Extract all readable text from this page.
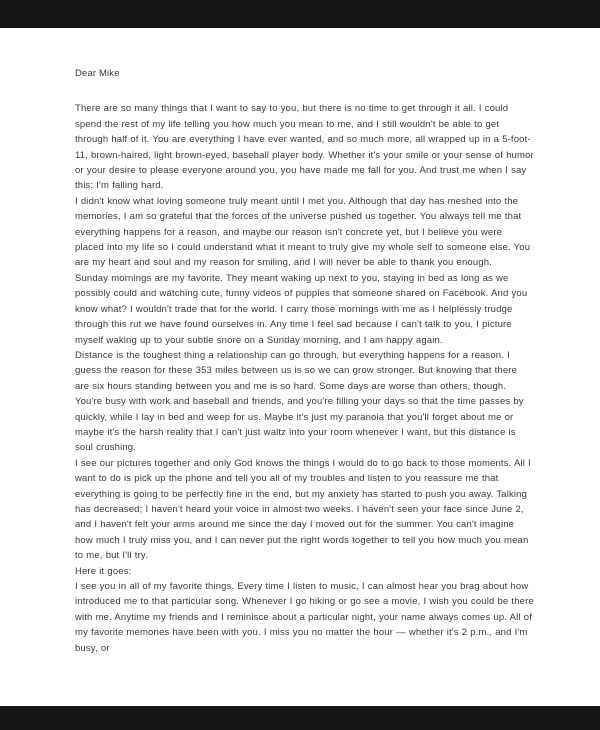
Dear Mike

There are so many things that I want to say to you, but there is no time to get through it all. I could spend the rest of my life telling you how much you mean to me, and I still wouldn't be able to get through half of it. You are everything I have ever wanted, and so much more, all wrapped up in a 5-foot-11, brown-haired, light brown-eyed, baseball player body. Whether it's your smile or your sense of humor or your desire to please everyone around you, you have made me fall for you. And trust me when I say this: I'm falling hard.

I didn't know what loving someone truly meant until I met you. Although that day has meshed into the memories, I am so grateful that the forces of the universe pushed us together. You always tell me that everything happens for a reason, and maybe our reason isn't concrete yet, but I believe you were placed into my life so I could understand what it meant to truly give my whole self to someone else. You are my heart and soul and my reason for smiling, and I will never be able to thank you enough.

Sunday mornings are my favorite. They meant waking up next to you, staying in bed as long as we possibly could and watching cute, funny videos of puppies that someone shared on Facebook. And you know what? I wouldn't trade that for the world. I carry those mornings with me as I helplessly trudge through this rut we have found ourselves in. Any time I feel sad because I can't talk to you, I picture myself waking up to your subtle snore on a Sunday morning, and I am happy again.

Distance is the toughest thing a relationship can go through, but everything happens for a reason. I guess the reason for these 353 miles between us is so we can grow stronger. But knowing that there are six hours standing between you and me is so hard. Some days are worse than others, though. You're busy with work and baseball and friends, and you're filling your days so that the time passes by quickly, while I lay in bed and weep for us. Maybe it's just my paranoia that you'll forget about me or maybe it's the harsh reality that I can't just waltz into your room whenever I want, but this distance is soul crushing.

I see our pictures together and only God knows the things I would do to go back to those moments. All I want to do is pick up the phone and tell you all of my troubles and listen to you reassure me that everything is going to be perfectly fine in the end, but my anxiety has started to push you away. Talking has decreased; I haven't heard your voice in almost two weeks. I haven't seen your face since June 2, and I haven't felt your arms around me since the day I moved out for the summer. You can't imagine how much I truly miss you, and I can never put the right words together to tell you how much you mean to me, but I'll try.

Here it goes:

I see you in all of my favorite things. Every time I listen to music, I can almost hear you brag about how introduced me to that particular song. Whenever I go hiking or go see a movie, I wish you could be there with me. Anytime my friends and I reminisce about a particular night, your name always comes up. All of my favorite memories have been with you. I miss you no matter the hour — whether it's 2 p.m., and I'm busy, or
